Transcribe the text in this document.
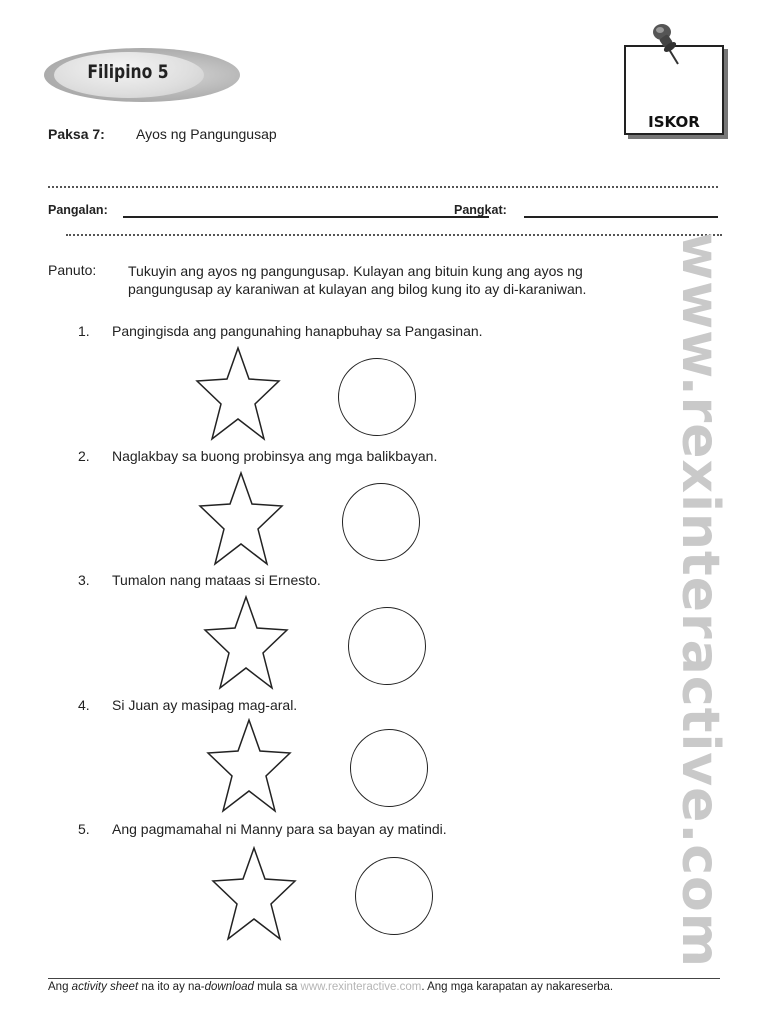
Filipino 5
ISKOR
Paksa 7: Ayos ng Pangungusap
Pangalan:	Pangkat:
Panuto: Tukuyin ang ayos ng pangungusap. Kulayan ang bituin kung ang ayos ng pangungusap ay karaniwan at kulayan ang bilog kung ito ay di-karaniwan.
1. Pangingisda ang pangunahing hanapbuhay sa Pangasinan.
2. Naglakbay sa buong probinsya ang mga balikbayan.
3. Tumalon nang mataas si Ernesto.
4. Si Juan ay masipag mag-aral.
5. Ang pagmamahal ni Manny para sa bayan ay matindi.	www.rexinteractive.com
Ang activity sheet na ito ay na-download mula sa www.rexinteractive.com. Ang mga karapatan ay nakareserba.
